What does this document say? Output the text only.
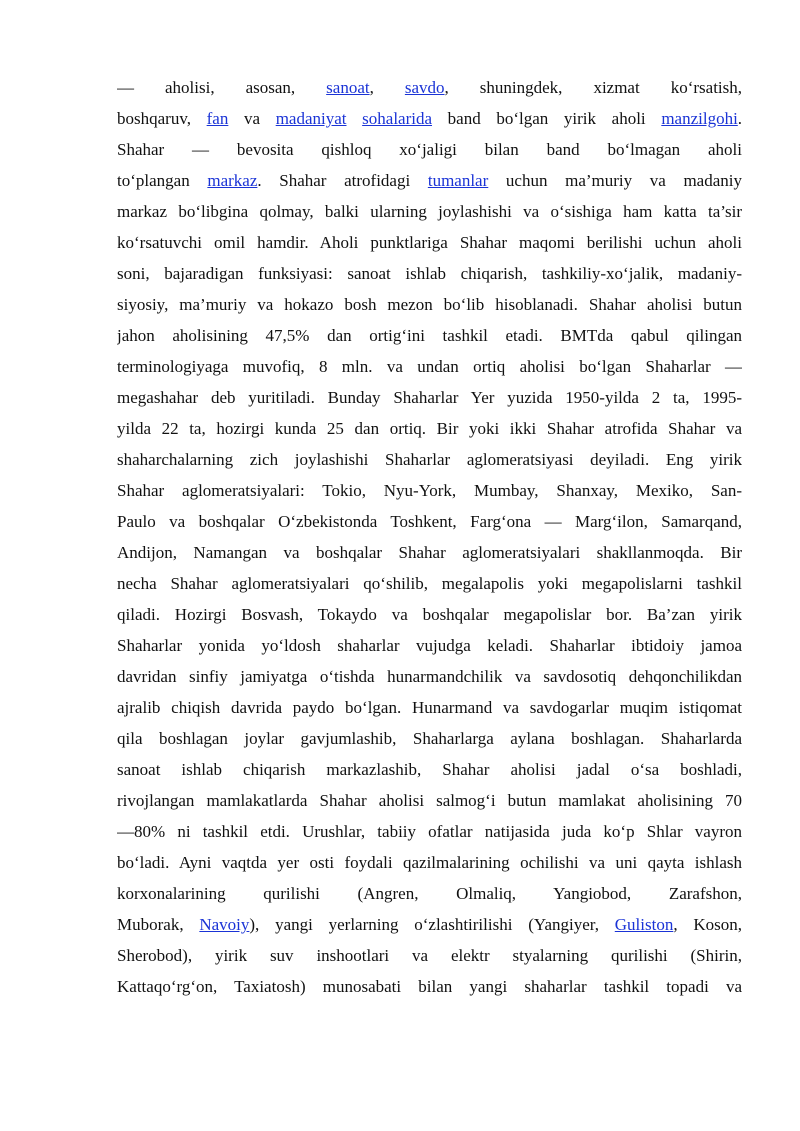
— aholisi, asosan, sanoat, savdo, shuningdek, xizmat ko‘rsatish,
boshqaruv, fan va madaniyat sohalarida band bo‘lgan yirik aholi manzilgohi.
Shahar — bevosita qishloq xo‘jaligi bilan band bo‘lmagan aholi
to‘plangan markaz. Shahar atrofidagi tumanlar uchun ma’muriy va madaniy
markaz bo‘libgina qolmay, balki ularning joylashishi va o‘sishiga ham katta ta’sir
ko‘rsatuvchi omil hamdir. Aholi punktlariga Shahar maqomi berilishi uchun aholi
soni, bajaradigan funksiyasi: sanoat ishlab chiqarish, tashkiliy-xo‘jalik, madaniy-
siyosiy, ma’muriy va hokazo bosh mezon bo‘lib hisoblanadi. Shahar aholisi butun
jahon aholisining 47,5% dan ortig‘ini tashkil etadi. BMTda qabul qilingan
terminologiyaga muvofiq, 8 mln. va undan ortiq aholisi bo‘lgan Shaharlar —
megashahar deb yuritiladi. Bunday Shaharlar Yer yuzida 1950-yilda 2 ta, 1995-
yilda 22 ta, hozirgi kunda 25 dan ortiq. Bir yoki ikki Shahar atrofida Shahar va
shaharchalarning zich joylashishi Shaharlar aglomeratsiyasi deyiladi. Eng yirik
Shahar aglomeratsiyalari: Tokio, Nyu-York, Mumbay, Shanxay, Mexiko, San-
Paulo va boshqalar O‘zbekistonda Toshkent, Farg‘ona — Marg‘ilon, Samarqand,
Andijon, Namangan va boshqalar Shahar aglomeratsiyalari shakllanmoqda. Bir
necha Shahar aglomeratsiyalari qo‘shilib, megalapolis yoki megapolislarni tashkil
qiladi. Hozirgi Bosvash, Tokaydo va boshqalar megapolislar bor. Ba’zan yirik
Shaharlar yonida yo‘ldosh shaharlar vujudga keladi. Shaharlar ibtidoiy jamoa
davridan sinfiy jamiyatga o‘tishda hunarmandchilik va savdosotiq dehqonchilikdan
ajralib chiqish davrida paydo bo‘lgan. Hunarmand va savdogarlar muqim istiqomat
qila boshlagan joylar gavjumlashib, Shaharlarga aylana boshlagan. Shaharlarda
sanoat ishlab chiqarish markazlashib, Shahar aholisi jadal o‘sa boshladi,
rivojlangan mamlakatlarda Shahar aholisi salmog‘i butun mamlakat aholisining 70
—80% ni tashkil etdi. Urushlar, tabiiy ofatlar natijasida juda ko‘p Shlar vayron
bo‘ladi. Ayni vaqtda yer osti foydali qazilmalarining ochilishi va uni qayta ishlash
korxonalarining qurilishi (Angren, Olmaliq, Yangiobod, Zarafshon,
Muborak, Navoiy), yangi yerlarning o‘zlashtirilishi (Yangiyer, Guliston, Koson,
Sherobod), yirik suv inshootlari va elektr styalarning qurilishi (Shirin,
Kattaqo‘rg‘on, Taxiatosh) munosabati bilan yangi shaharlar tashkil topadi va
